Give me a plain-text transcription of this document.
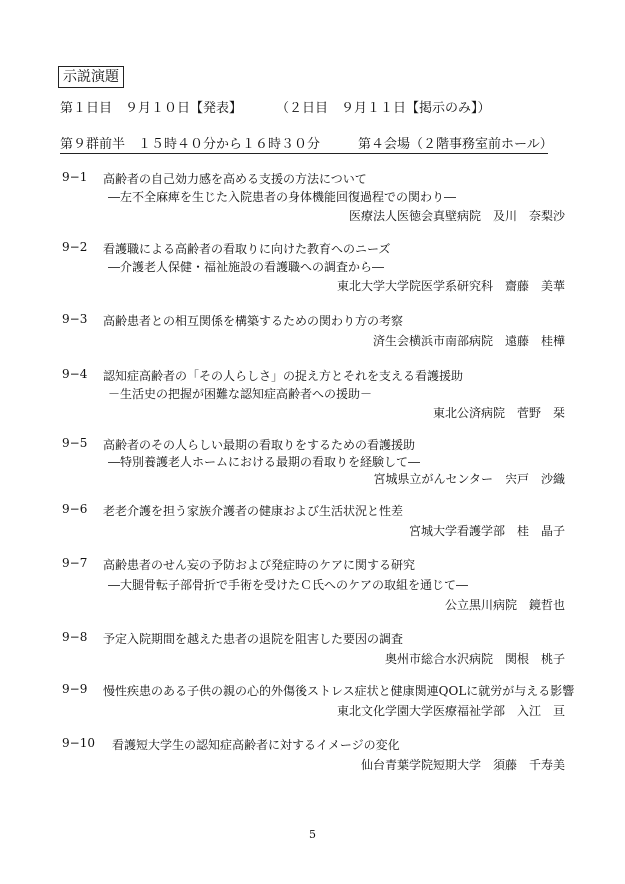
示説演題
第１日目　９月１０日【発表】	（２日目　９月１１日【掲示のみ】）
第９群前半　１５時４０分から１６時３０分	第４会場（２階事務室前ホール）
9−1 高齢者の自己効力感を高める支援の方法について
―左不全麻痺を生じた入院患者の身体機能回復過程での関わり―
医療法人医徳会真壁病院　及川　奈梨沙
9−2 看護職による高齢者の看取りに向けた教育へのニーズ
―介護老人保健・福祉施設の看護職への調査から―
東北大学大学院医学系研究科　齋藤　美華
9−3 高齢患者との相互関係を構築するための関わり方の考察
済生会横浜市南部病院　遠藤　桂樺
9−4 認知症高齢者の「その人らしさ」の捉え方とそれを支える看護援助
－生活史の把握が困難な認知症高齢者への援助－
東北公済病院　菅野　栞
9−5 高齢者のその人らしい最期の看取りをするための看護援助
―特別養護老人ホームにおける最期の看取りを経験して―
宮城県立がんセンター　宍戸　沙織
9−6 老老介護を担う家族介護者の健康および生活状況と性差
宮城大学看護学部　桂　晶子
9−7 高齢患者のせん妄の予防および発症時のケアに関する研究
―大腿骨転子部骨折で手術を受けたＣ氏へのケアの取組を通じて―
公立黒川病院　鏡哲也
9−8 予定入院期間を越えた患者の退院を阻害した要因の調査
奥州市総合水沢病院　関根　桃子
9−9 慢性疾患のある子供の親の心的外傷後ストレス症状と健康関連QOLに就労が与える影響
東北文化学園大学医療福祉学部　入江　亘
9−10 看護短大学生の認知症高齢者に対するイメージの変化
仙台青葉学院短期大学　須藤　千寿美
5
